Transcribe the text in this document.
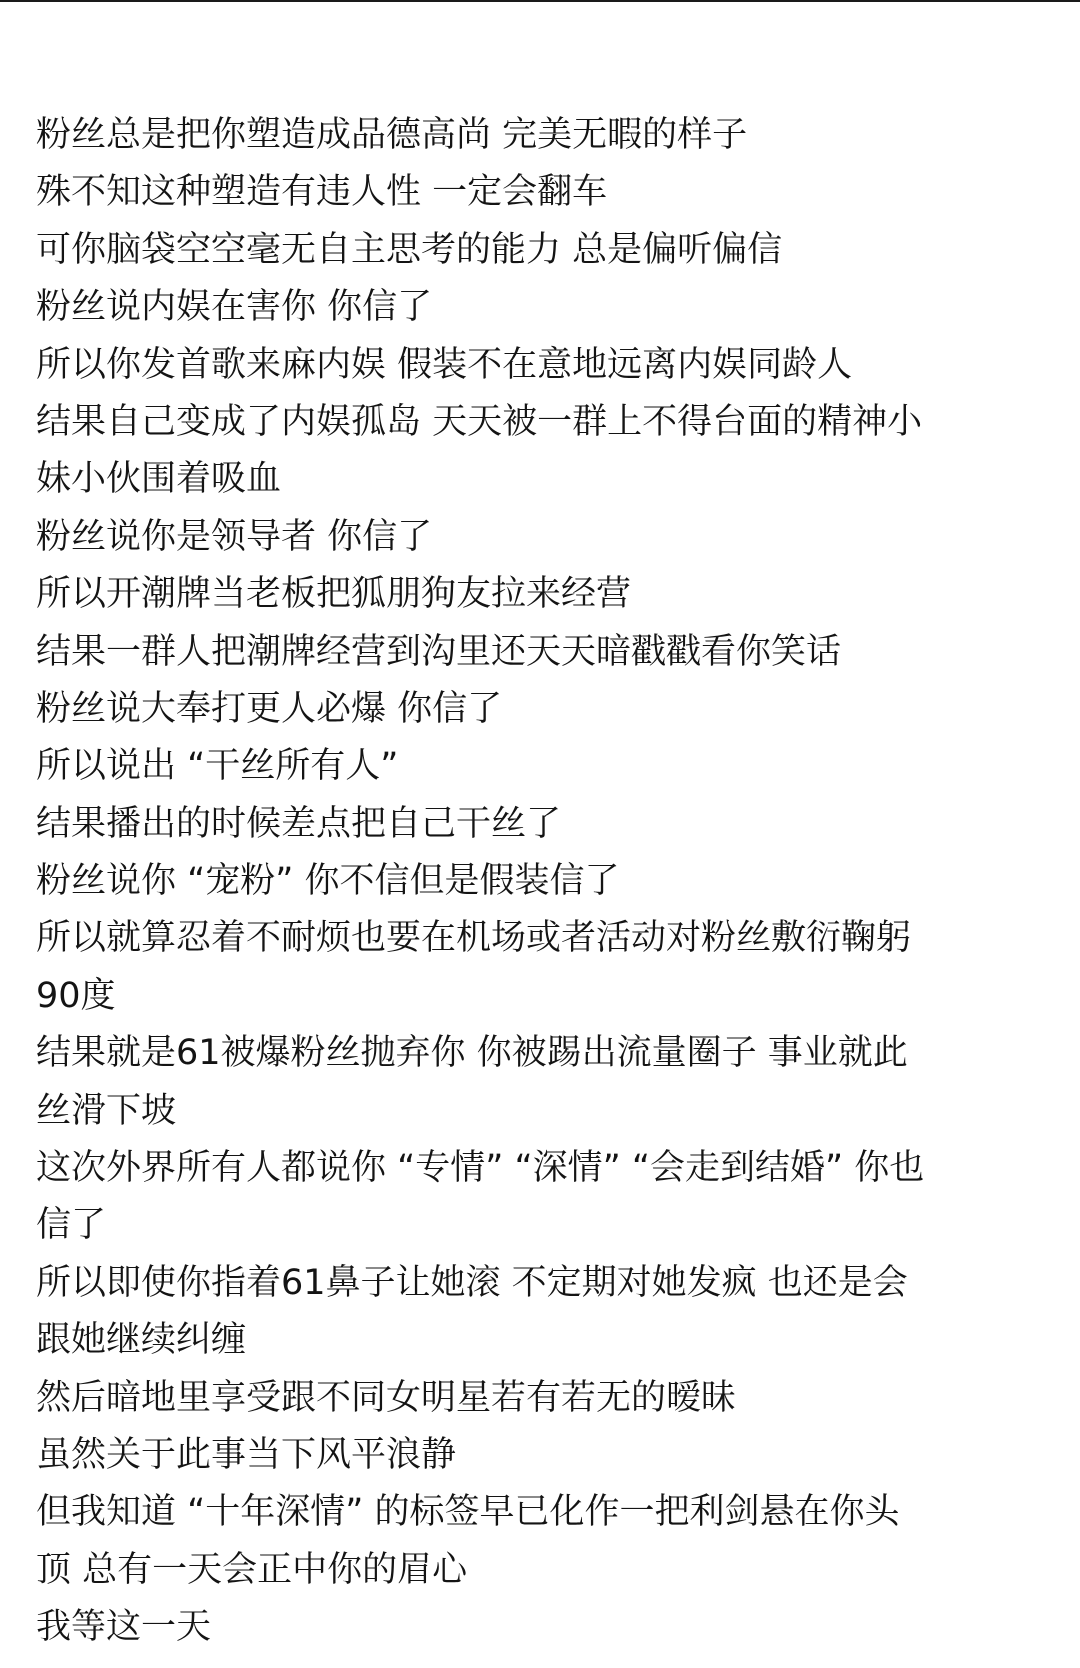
粉丝总是把你塑造成品德高尚 完美无暇的样子
殊不知这种塑造有违人性 一定会翻车
可你脑袋空空毫无自主思考的能力 总是偏听偏信
粉丝说内娱在害你 你信了
所以你发首歌来麻内娱 假装不在意地远离内娱同龄人
结果自己变成了内娱孤岛 天天被一群上不得台面的精神小
妹小伙围着吸血
粉丝说你是领导者 你信了
所以开潮牌当老板把狐朋狗友拉来经营
结果一群人把潮牌经营到沟里还天天暗戳戳看你笑话
粉丝说大奉打更人必爆 你信了
所以说出 “干丝所有人”
结果播出的时候差点把自己干丝了
粉丝说你 “宠粉” 你不信但是假装信了
所以就算忍着不耐烦也要在机场或者活动对粉丝敷衍鞠躬
90度
结果就是61被爆粉丝抛弃你 你被踢出流量圈子 事业就此
丝滑下坡
这次外界所有人都说你 “专情” “深情” “会走到结婚” 你也
信了
所以即使你指着61鼻子让她滚 不定期对她发疯 也还是会
跟她继续纠缠
然后暗地里享受跟不同女明星若有若无的暧昧
虽然关于此事当下风平浪静
但我知道 “十年深情” 的标签早已化作一把利剑悬在你头
顶 总有一天会正中你的眉心
我等这一天
